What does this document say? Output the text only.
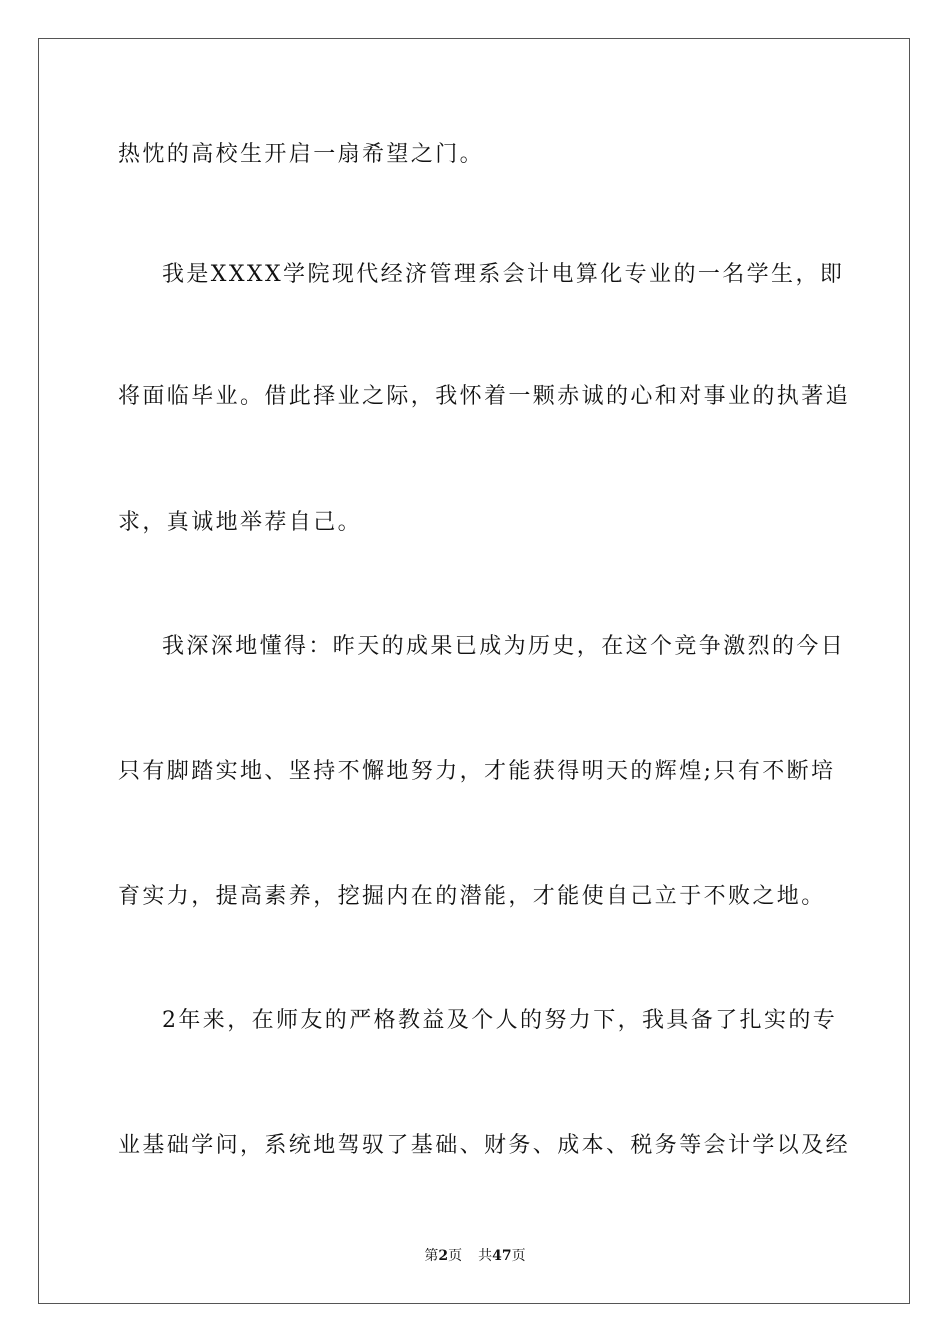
热忱的高校生开启一扇希望之门。
我是XXXX学院现代经济管理系会计电算化专业的一名学生，即
将面临毕业。借此择业之际，我怀着一颗赤诚的心和对事业的执著追
求，真诚地举荐自己。
我深深地懂得：昨天的成果已成为历史，在这个竞争激烈的今日
只有脚踏实地、坚持不懈地努力，才能获得明天的辉煌;只有不断培
育实力，提高素养，挖掘内在的潜能，才能使自己立于不败之地。
2年来，在师友的严格教益及个人的努力下，我具备了扎实的专
业基础学问，系统地驾驭了基础、财务、成本、税务等会计学以及经
第2页 共47页
